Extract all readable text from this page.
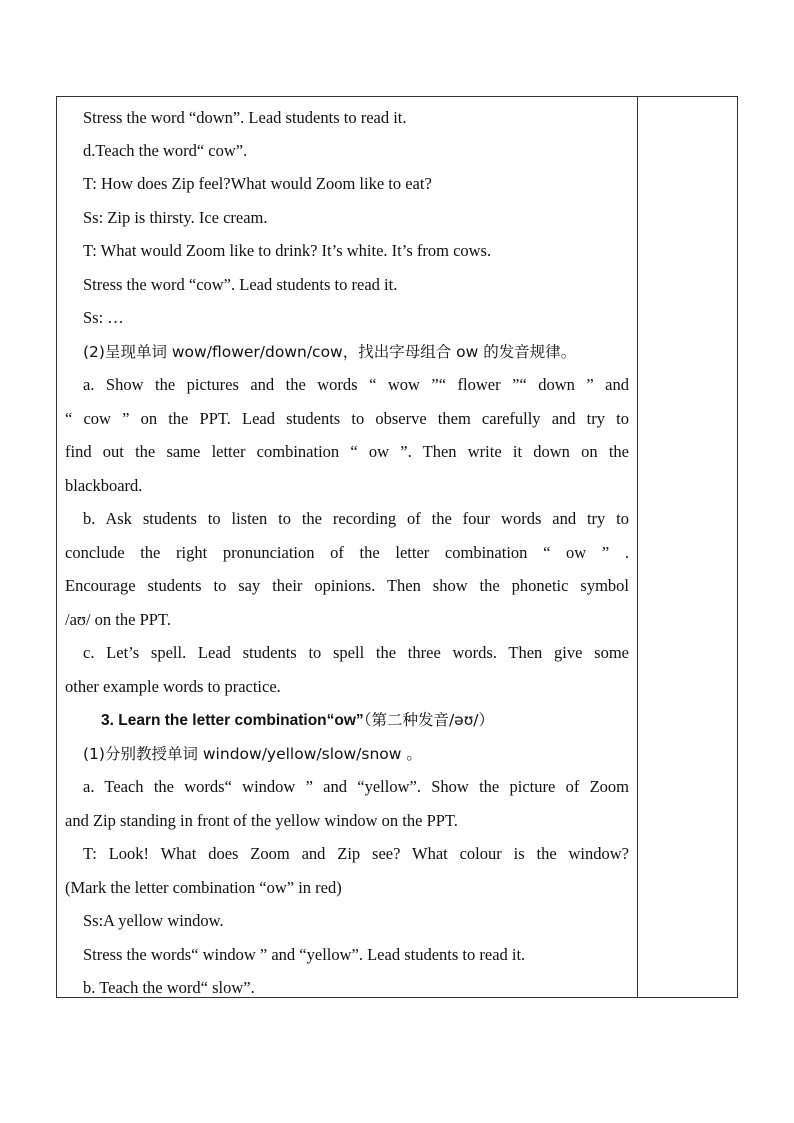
Stress the word “down”. Lead students to read it.
d.Teach the word“ cow”.
T: How does Zip feel?What would Zoom like to eat?
Ss: Zip is thirsty. Ice cream.
T: What would Zoom like to drink? It’s white. It’s from cows.
Stress the word “cow”. Lead students to read it.
Ss: …
(2)呈现单词 wow/flower/down/cow，找出字母组合 ow 的发音规律。
a. Show the pictures and the words “ wow ”“ flower ”“ down ” and
“ cow ” on the PPT. Lead students to observe them carefully and try to
find out the same letter combination “ ow ”. Then write it down on the
blackboard.
b. Ask students to listen to the recording of the four words and try to
conclude the right pronunciation of the letter combination “ ow ” .
Encourage students to say their opinions. Then show the phonetic symbol
/aʊ/ on the PPT.
c. Let’s spell. Lead students to spell the three words. Then give some
other example words to practice.
3. Learn the letter combination“ow”（第二种发音/əʊ/）
(1)分别教授单词 window/yellow/slow/snow 。
a. Teach the words“ window ” and “yellow”. Show the picture of Zoom
and Zip standing in front of the yellow window on the PPT.
T: Look! What does Zoom and Zip see? What colour is the window?
(Mark the letter combination “ow” in red)
Ss:A yellow window.
Stress the words“ window ” and “yellow”. Lead students to read it.
b. Teach the word“ slow”.
